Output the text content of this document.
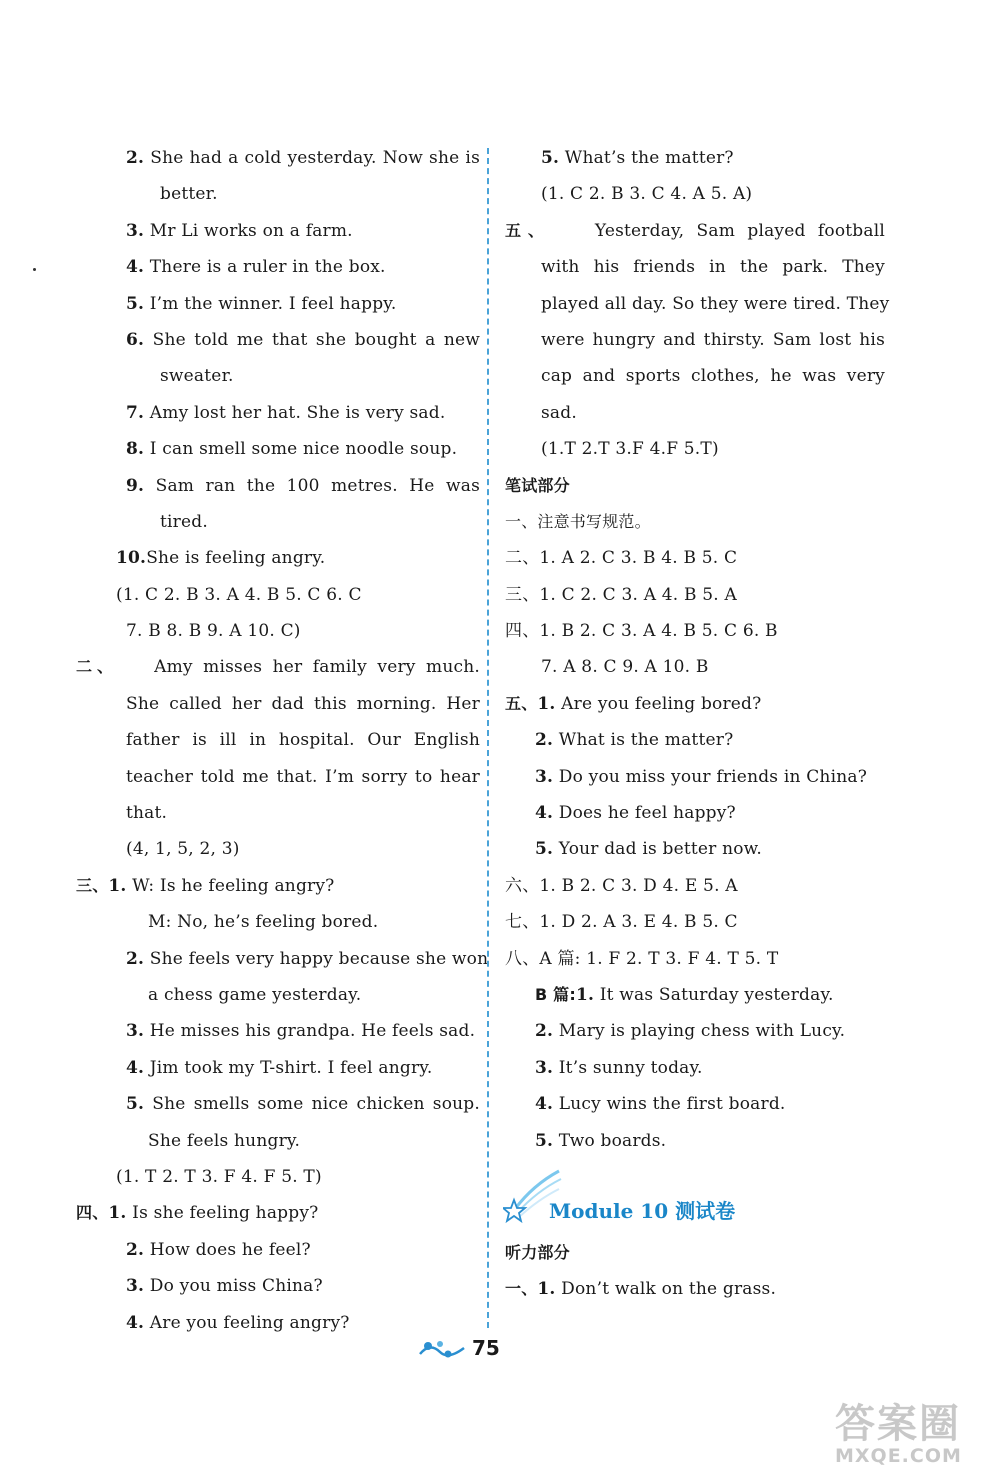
2. She had a cold yesterday. Now she is
better.
3. Mr Li works on a farm.
4. There is a ruler in the box.
5. I’m the winner. I feel happy.
6. She told me that she bought a new
sweater.
7. Amy lost her hat. She is very sad.
8. I can smell some nice noodle soup.
9. Sam ran the 100 metres. He was
tired.
10.She is feeling angry.
(1. C 2. B 3. A 4. B 5. C 6. C
7. B 8. B 9. A 10. C)
二、 Amy misses her family very much.
She called her dad this morning. Her
father is ill in hospital. Our English
teacher told me that. I’m sorry to hear
that.
(4, 1, 5, 2, 3)
三、1. W: Is he feeling angry?
M: No, he’s feeling bored.
2. She feels very happy because she won
a chess game yesterday.
3. He misses his grandpa. He feels sad.
4. Jim took my T-shirt. I feel angry.
5. She smells some nice chicken soup.
She feels hungry.
(1. T 2. T 3. F 4. F 5. T)
四、1. Is she feeling happy?
2. How does he feel?
3. Do you miss China?
4. Are you feeling angry?
5. What’s the matter?
(1. C 2. B 3. C 4. A 5. A)
五、	Yesterday, Sam played football
with his friends in the park. They
played all day. So they were tired. They
were hungry and thirsty. Sam lost his
cap and sports clothes, he was very
sad.
(1.T 2.T 3.F 4.F 5.T)
笔试部分
一、注意书写规范。
二、1. A 2. C 3. B 4. B 5. C
三、1. C 2. C 3. A 4. B 5. A
四、1. B 2. C 3. A 4. B 5. C 6. B
7. A 8. C 9. A 10. B
五、1. Are you feeling bored?
2. What is the matter?
3. Do you miss your friends in China?
4. Does he feel happy?
5. Your dad is better now.
六、1. B 2. C 3. D 4. E 5. A
七、1. D 2. A 3. E 4. B 5. C
八、A 篇: 1. F 2. T 3. F 4. T 5. T
B 篇:1. It was Saturday yesterday.
2. Mary is playing chess with Lucy.
3. It’s sunny today.
4. Lucy wins the first board.
5. Two boards.
Module 10 测试卷
听力部分
一、1. Don’t walk on the grass.
75
答案圈
MXQE.COM
